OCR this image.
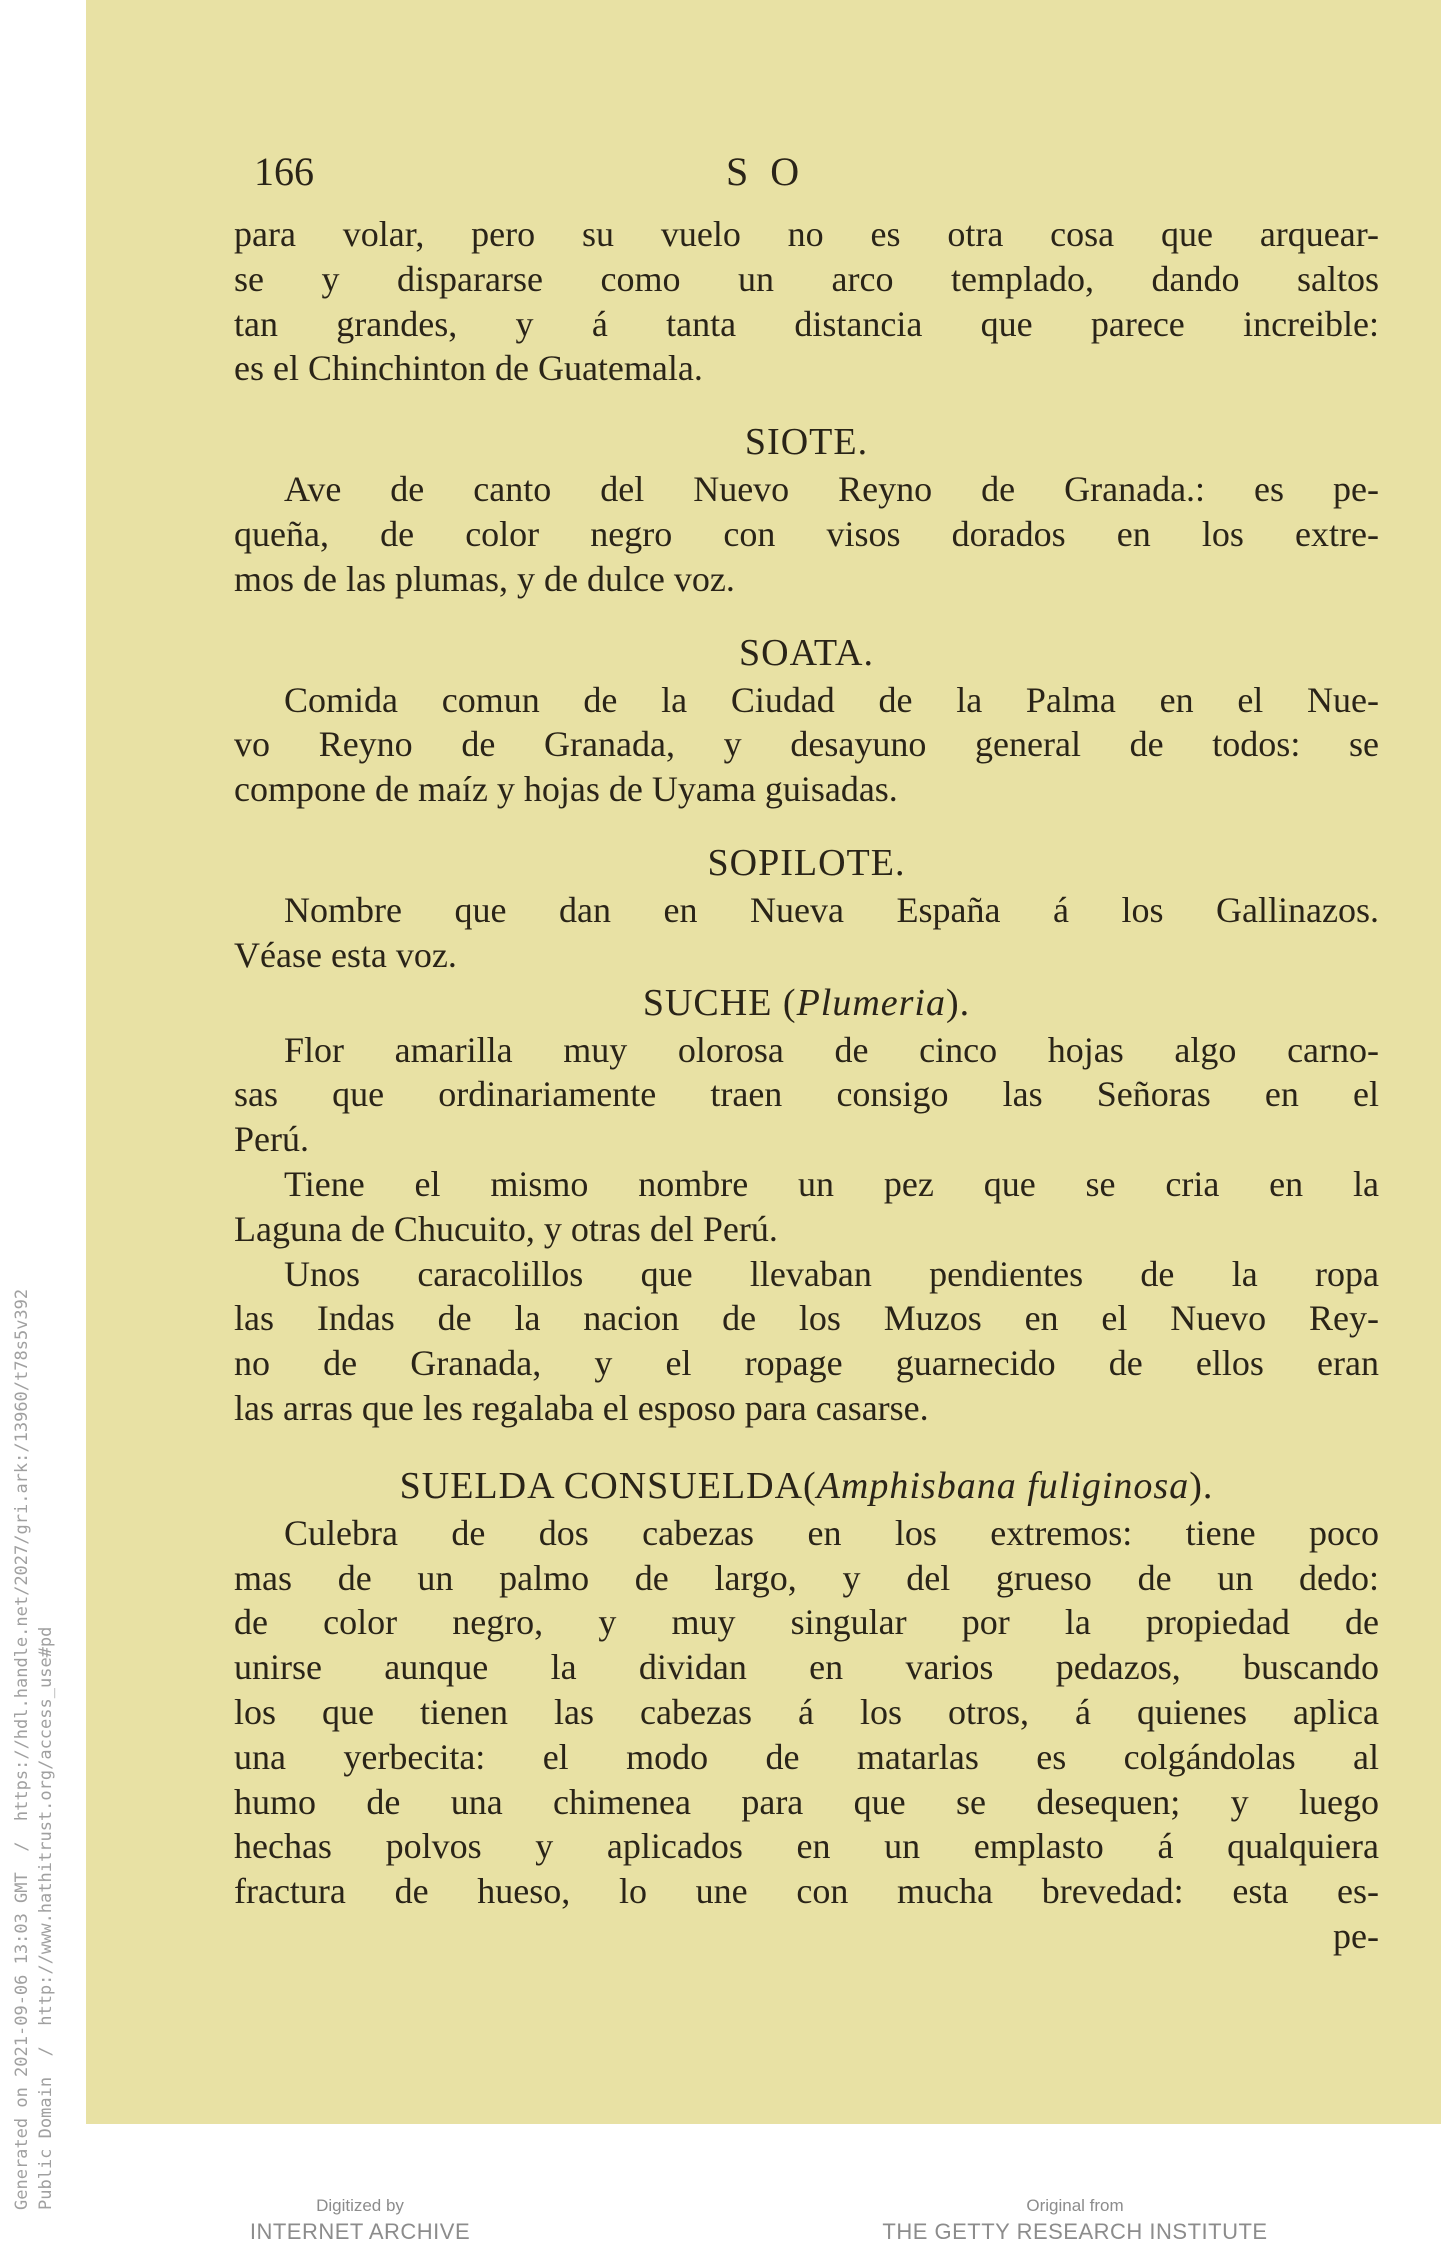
Generated on 2021-09-06 13:03 GMT  /  https://hdl.handle.net/2027/gri.ark:/13960/t78s5v392 Public Domain  /  http://www.hathitrust.org/access_use#pd
166	S O
para volar, pero su vuelo no es otra cosa que arquear-
se y dispararse como un arco templado, dando saltos
tan grandes, y á tanta distancia que parece increible:
es el Chinchinton de Guatemala.
SIOTE.
Ave de canto del Nuevo Reyno de Granada.: es pe-
queña, de color negro con visos dorados en los extre-
mos de las plumas, y de dulce voz.
SOATA.
Comida comun de la Ciudad de la Palma en el Nue-
vo Reyno de Granada, y desayuno general de todos: se
compone de maíz y hojas de Uyama guisadas.
SOPILOTE.
Nombre que dan en Nueva España á los Gallinazos.
Véase esta voz.
SUCHE (Plumeria).
Flor amarilla muy olorosa de cinco hojas algo carno-
sas que ordinariamente traen consigo las Señoras en el
Perú.
Tiene el mismo nombre un pez que se cria en la
Laguna de Chucuito, y otras del Perú.
Unos caracolillos que llevaban pendientes de la ropa
las Indas de la nacion de los Muzos en el Nuevo Rey-
no de Granada, y el ropage guarnecido de ellos eran
las arras que les regalaba el esposo para casarse.
SUELDA CONSUELDA(Amphisbana fuliginosa).
Culebra de dos cabezas en los extremos: tiene poco
mas de un palmo de largo, y del grueso de un dedo:
de color negro, y muy singular por la propiedad de
unirse aunque la dividan en varios pedazos, buscando
los que tienen las cabezas á los otros, á quienes aplica
una yerbecita: el modo de matarlas es colgándolas al
humo de una chimenea para que se desequen; y luego
hechas polvos y aplicados en un emplasto á qualquiera
fractura de hueso, lo une con mucha brevedad: esta es-
pe-
Digitized by
INTERNET ARCHIVE
Original from
THE GETTY RESEARCH INSTITUTE
